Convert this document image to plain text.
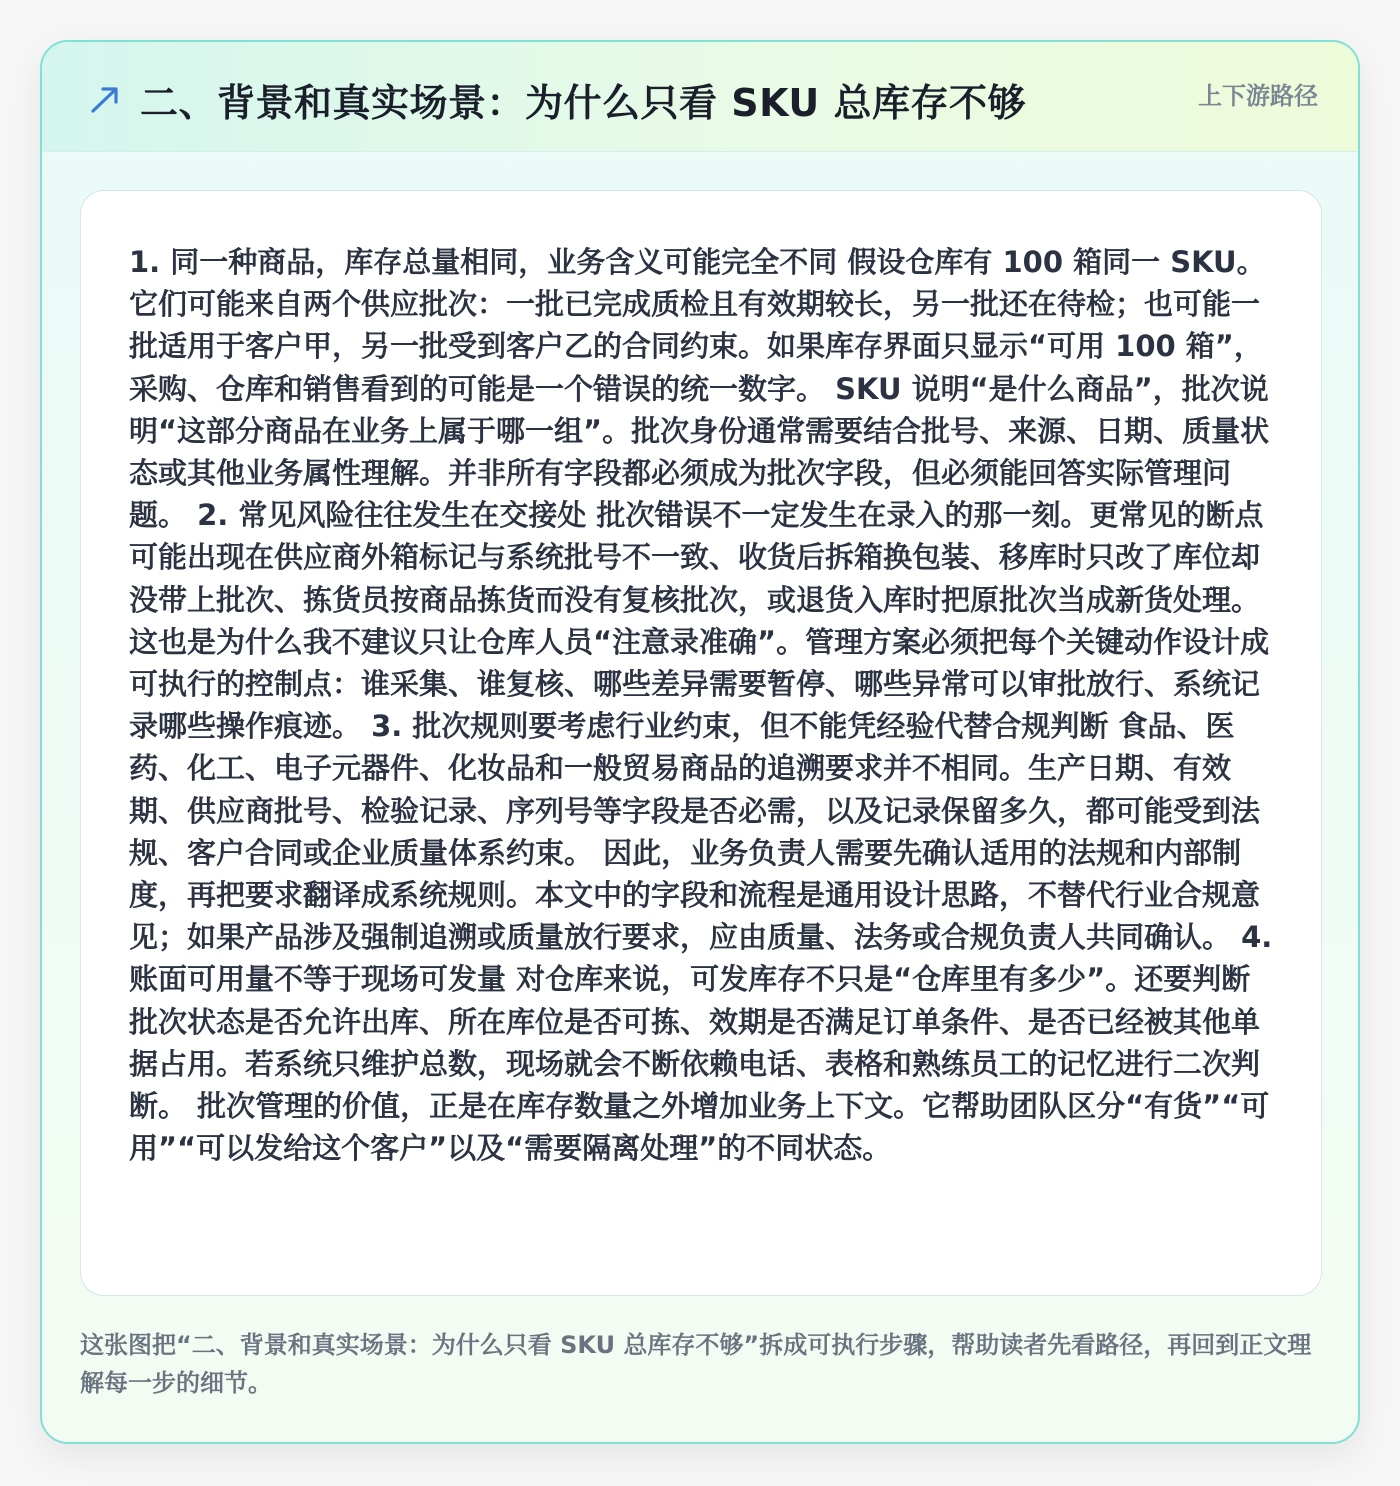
二、背景和真实场景：为什么只看 SKU 总库存不够	上下游路径
1. 同一种商品，库存总量相同，业务含义可能完全不同 假设仓库有 100 箱同一 SKU。它们可能来自两个供应批次：一批已完成质检且有效期较长，另一批还在待检；也可能一批适用于客户甲，另一批受到客户乙的合同约束。如果库存界面只显示“可用 100 箱”，采购、仓库和销售看到的可能是一个错误的统一数字。 SKU 说明“是什么商品”，批次说明“这部分商品在业务上属于哪一组”。批次身份通常需要结合批号、来源、日期、质量状态或其他业务属性理解。并非所有字段都必须成为批次字段，但必须能回答实际管理问题。 2. 常见风险往往发生在交接处 批次错误不一定发生在录入的那一刻。更常见的断点可能出现在供应商外箱标记与系统批号不一致、收货后拆箱换包装、移库时只改了库位却没带上批次、拣货员按商品拣货而没有复核批次，或退货入库时把原批次当成新货处理。 这也是为什么我不建议只让仓库人员“注意录准确”。管理方案必须把每个关键动作设计成可执行的控制点：谁采集、谁复核、哪些差异需要暂停、哪些异常可以审批放行、系统记录哪些操作痕迹。 3. 批次规则要考虑行业约束，但不能凭经验代替合规判断 食品、医药、化工、电子元器件、化妆品和一般贸易商品的追溯要求并不相同。生产日期、有效期、供应商批号、检验记录、序列号等字段是否必需，以及记录保留多久，都可能受到法规、客户合同或企业质量体系约束。 因此，业务负责人需要先确认适用的法规和内部制度，再把要求翻译成系统规则。本文中的字段和流程是通用设计思路，不替代行业合规意见；如果产品涉及强制追溯或质量放行要求，应由质量、法务或合规负责人共同确认。 4. 账面可用量不等于现场可发量 对仓库来说，可发库存不只是“仓库里有多少”。还要判断批次状态是否允许出库、所在库位是否可拣、效期是否满足订单条件、是否已经被其他单据占用。若系统只维护总数，现场就会不断依赖电话、表格和熟练员工的记忆进行二次判断。 批次管理的价值，正是在库存数量之外增加业务上下文。它帮助团队区分“有货”“可用”“可以发给这个客户”以及“需要隔离处理”的不同状态。
这张图把“二、背景和真实场景：为什么只看 SKU 总库存不够”拆成可执行步骤，帮助读者先看路径，再回到正文理解每一步的细节。
